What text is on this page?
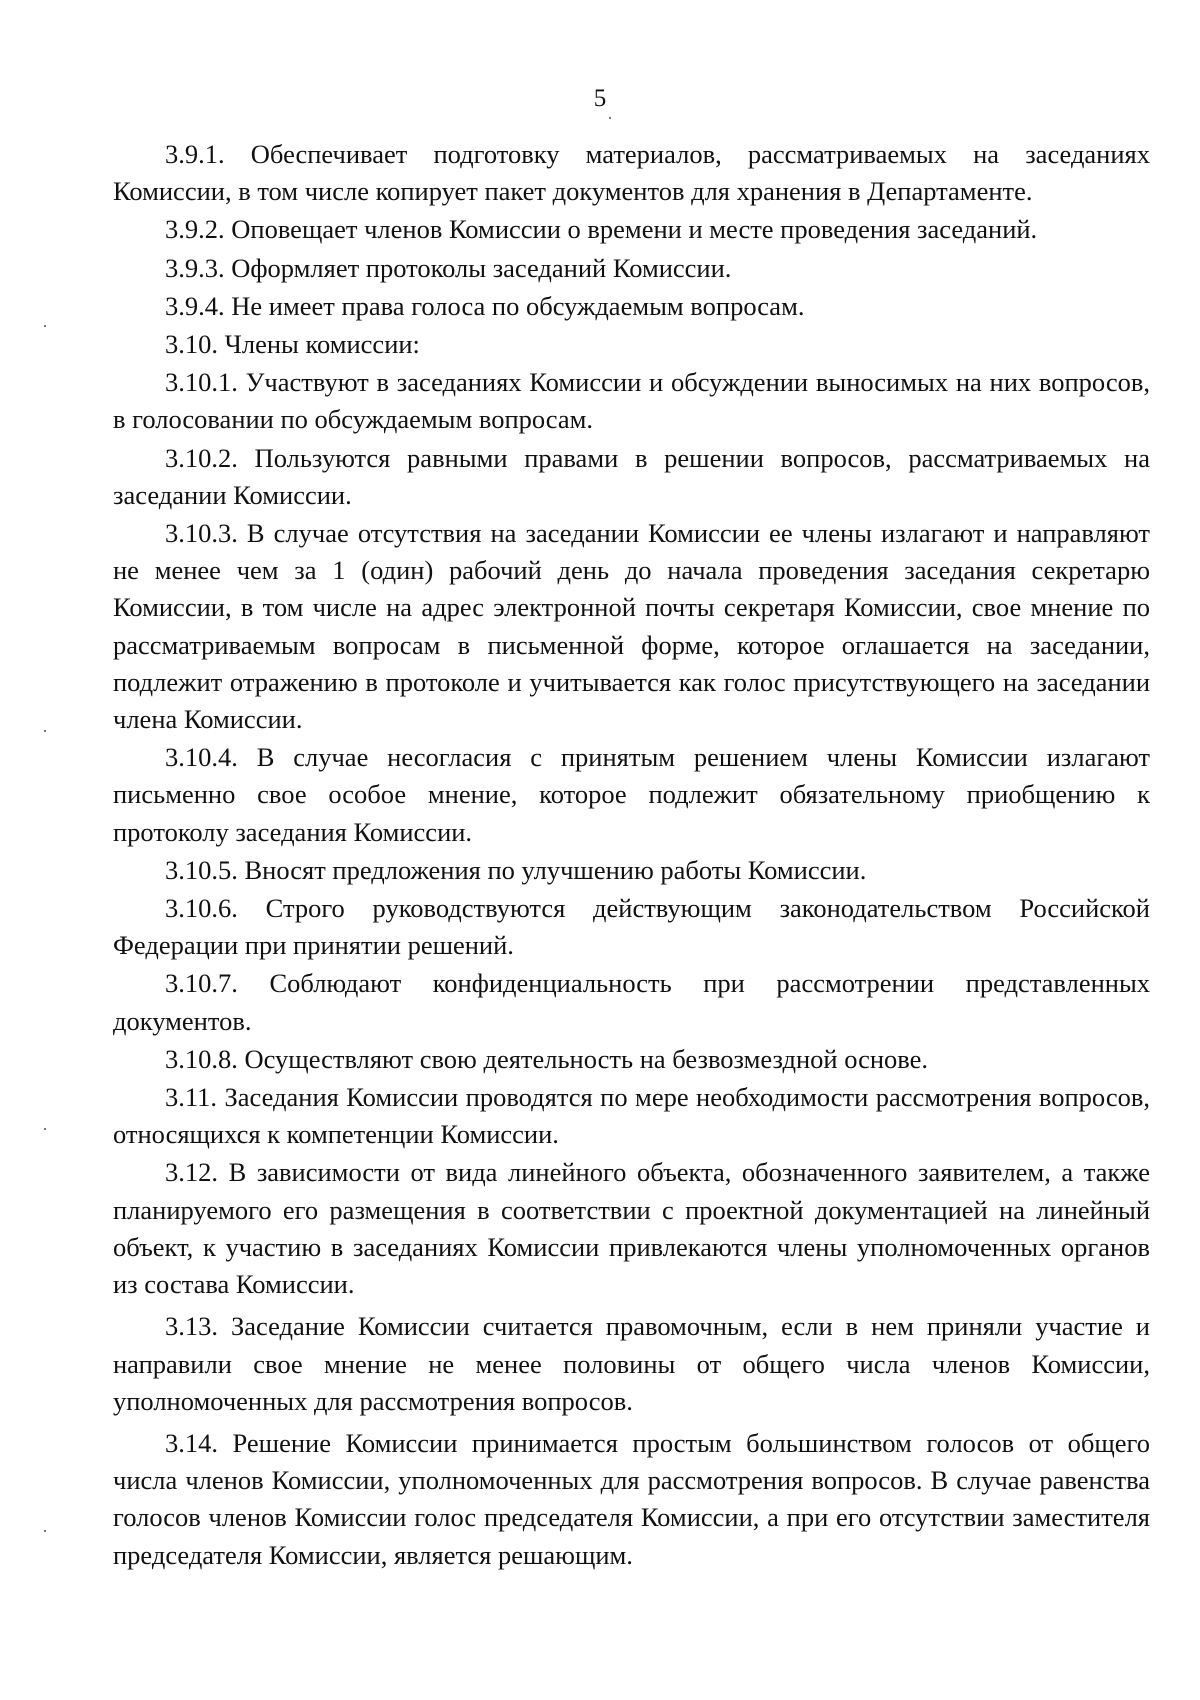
5

3.9.1. Обеспечивает подготовку материалов, рассматриваемых на заседаниях Комиссии, в том числе копирует пакет документов для хранения в Департаменте.

3.9.2. Оповещает членов Комиссии о времени и месте проведения заседаний.

3.9.3. Оформляет протоколы заседаний Комиссии.

3.9.4. Не имеет права голоса по обсуждаемым вопросам.

3.10. Члены комиссии:

3.10.1. Участвуют в заседаниях Комиссии и обсуждении выносимых на них вопросов, в голосовании по обсуждаемым вопросам.

3.10.2. Пользуются равными правами в решении вопросов, рассматриваемых на заседании Комиссии.

3.10.3. В случае отсутствия на заседании Комиссии ее члены излагают и направляют не менее чем за 1 (один) рабочий день до начала проведения заседания секретарю Комиссии, в том числе на адрес электронной почты секретаря Комиссии, свое мнение по рассматриваемым вопросам в письменной форме, которое оглашается на заседании, подлежит отражению в протоколе и учитывается как голос присутствующего на заседании члена Комиссии.

3.10.4. В случае несогласия с принятым решением члены Комиссии излагают письменно свое особое мнение, которое подлежит обязательному приобщению к протоколу заседания Комиссии.

3.10.5. Вносят предложения по улучшению работы Комиссии.

3.10.6. Строго руководствуются действующим законодательством Российской Федерации при принятии решений.

3.10.7. Соблюдают конфиденциальность при рассмотрении представленных документов.

3.10.8. Осуществляют свою деятельность на безвозмездной основе.

3.11. Заседания Комиссии проводятся по мере необходимости рассмотрения вопросов, относящихся к компетенции Комиссии.

3.12. В зависимости от вида линейного объекта, обозначенного заявителем, а также планируемого его размещения в соответствии с проектной документацией на линейный объект, к участию в заседаниях Комиссии привлекаются члены уполномоченных органов из состава Комиссии.

3.13. Заседание Комиссии считается правомочным, если в нем приняли участие и направили свое мнение не менее половины от общего числа членов Комиссии, уполномоченных для рассмотрения вопросов.

3.14. Решение Комиссии принимается простым большинством голосов от общего числа членов Комиссии, уполномоченных для рассмотрения вопросов. В случае равенства голосов членов Комиссии голос председателя Комиссии, а при его отсутствии заместителя председателя Комиссии, является решающим.
